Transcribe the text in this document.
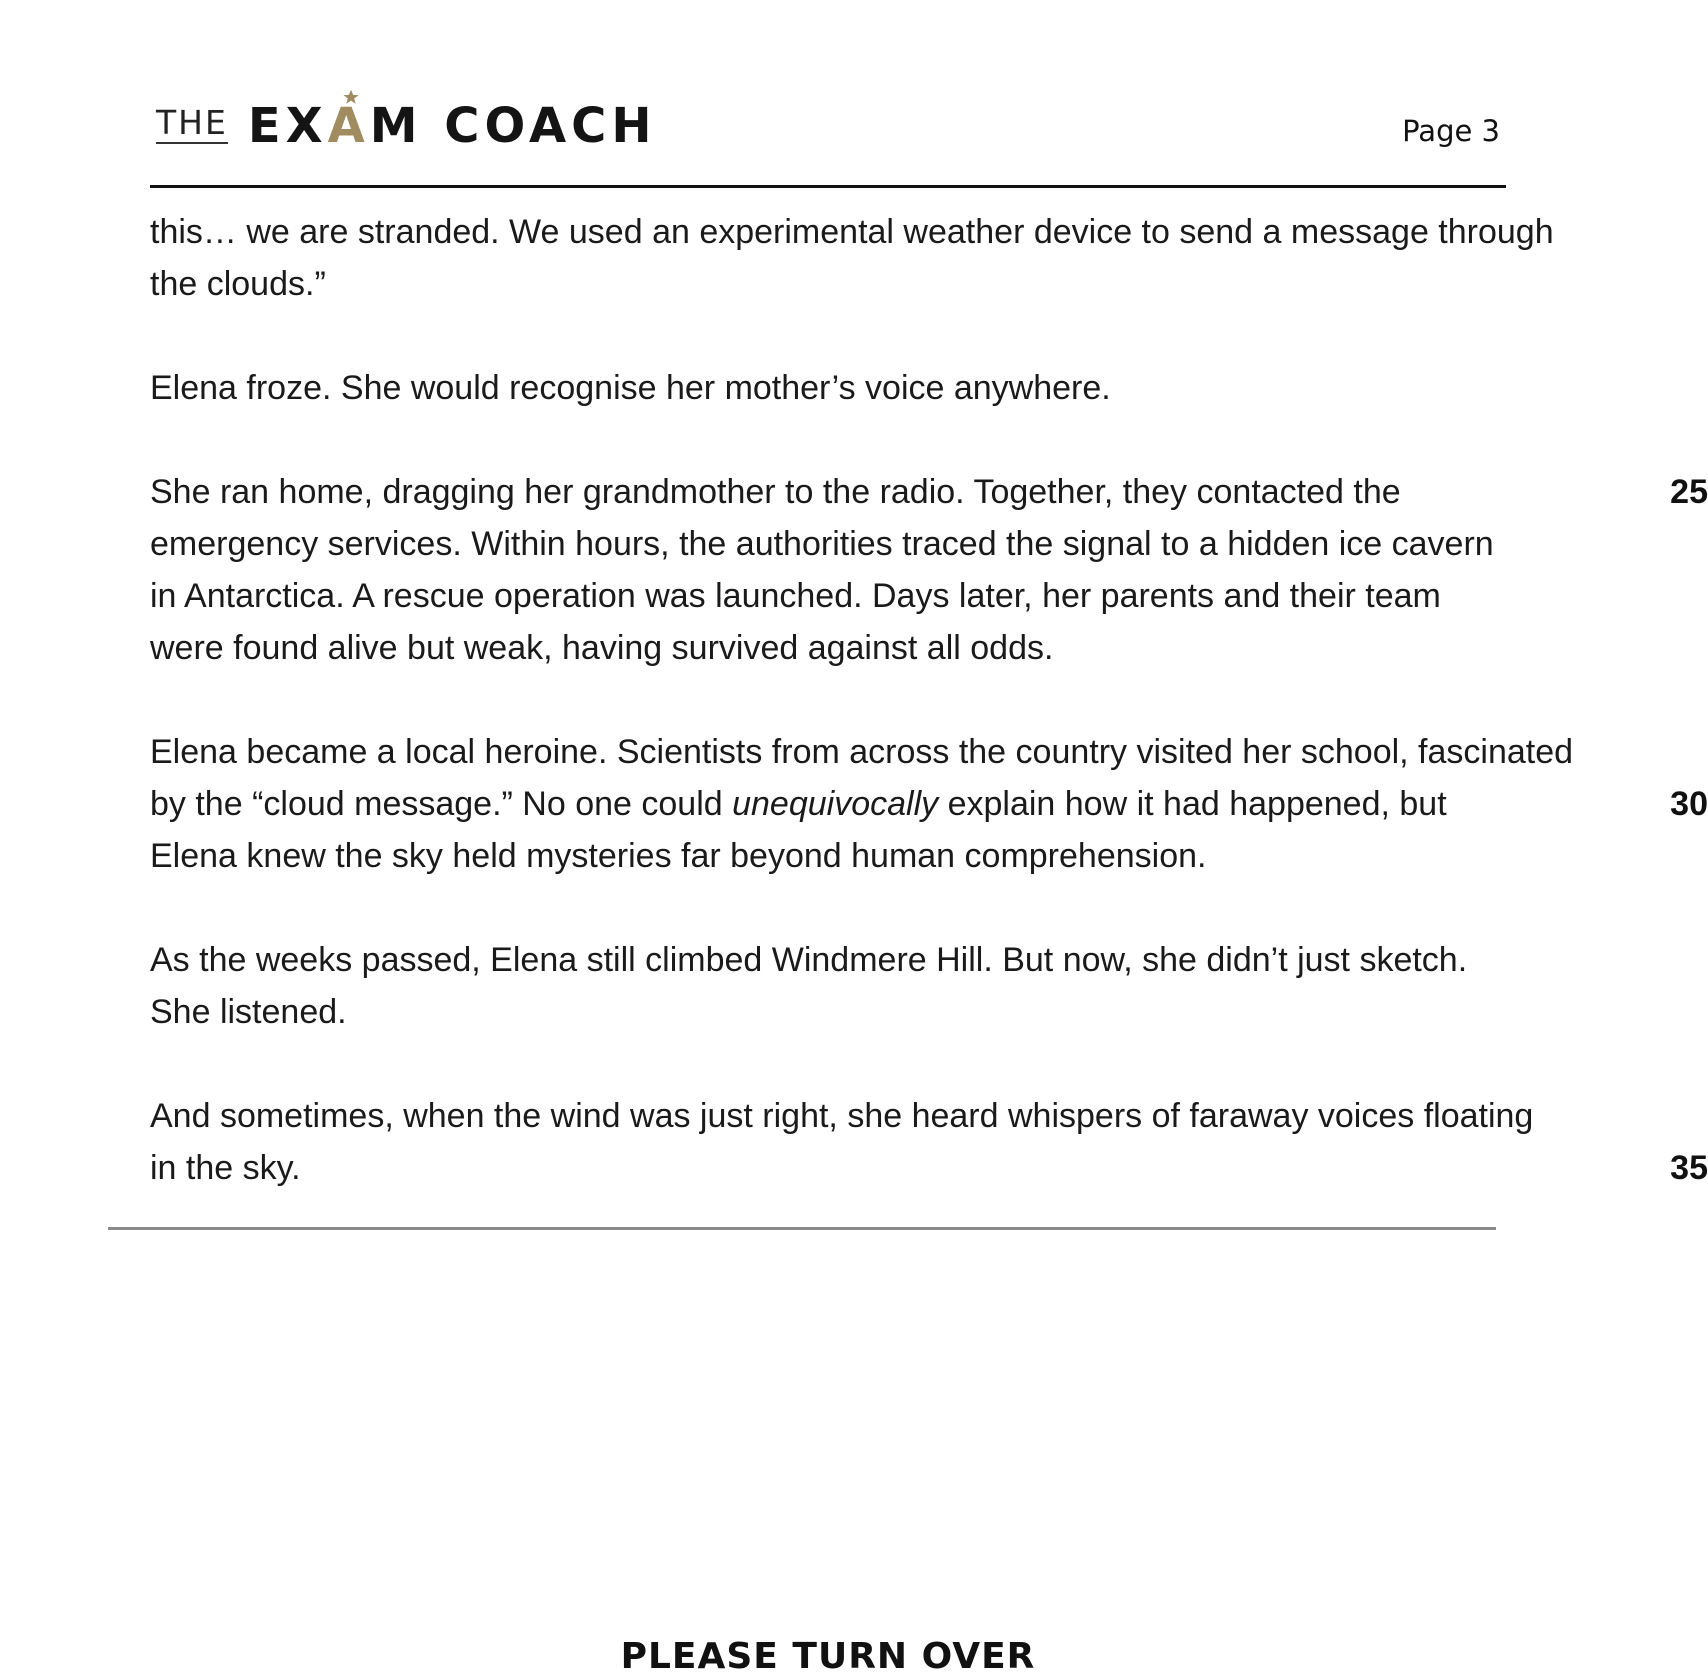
THE EX A M COACH	Page 3
this… we are stranded. We used an experimental weather device to send a message through
the clouds.”
Elena froze. She would recognise her mother’s voice anywhere.
She ran home, dragging her grandmother to the radio. Together, they contacted the	25
emergency services. Within hours, the authorities traced the signal to a hidden ice cavern
in Antarctica. A rescue operation was launched. Days later, her parents and their team
were found alive but weak, having survived against all odds.
Elena became a local heroine. Scientists from across the country visited her school, fascinated
by the “cloud message.” No one could unequivocally explain how it had happened, but	30
Elena knew the sky held mysteries far beyond human comprehension.
As the weeks passed, Elena still climbed Windmere Hill. But now, she didn’t just sketch.
She listened.
And sometimes, when the wind was just right, she heard whispers of faraway voices floating
in the sky.	35
PLEASE TURN OVER
